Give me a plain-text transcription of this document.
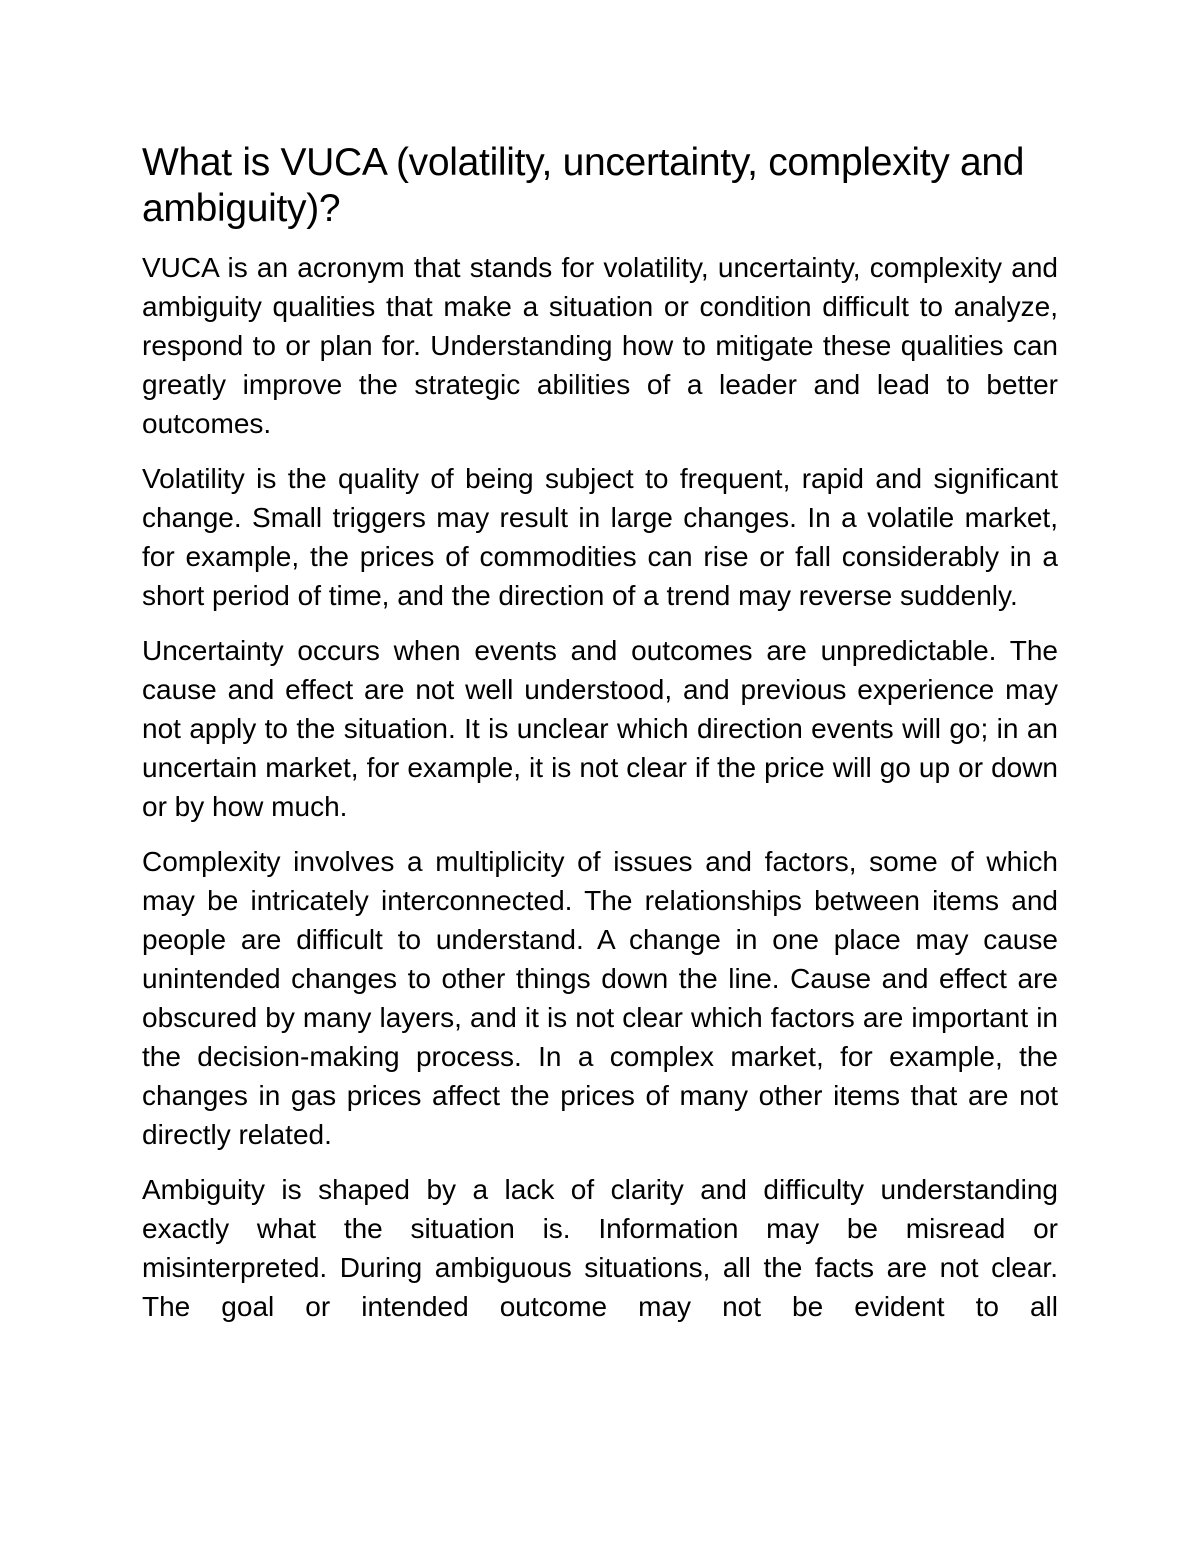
What is VUCA (volatility, uncertainty, complexity and ambiguity)?

VUCA is an acronym that stands for volatility, uncertainty, complexity and ambiguity qualities that make a situation or condition difficult to analyze, respond to or plan for. Understanding how to mitigate these qualities can greatly improve the strategic abilities of a leader and lead to better outcomes.

Volatility is the quality of being subject to frequent, rapid and significant change. Small triggers may result in large changes. In a volatile market, for example, the prices of commodities can rise or fall considerably in a short period of time, and the direction of a trend may reverse suddenly.

Uncertainty occurs when events and outcomes are unpredictable. The cause and effect are not well understood, and previous experience may not apply to the situation. It is unclear which direction events will go; in an uncertain market, for example, it is not clear if the price will go up or down or by how much.

Complexity involves a multiplicity of issues and factors, some of which may be intricately interconnected. The relationships between items and people are difficult to understand. A change in one place may cause unintended changes to other things down the line. Cause and effect are obscured by many layers, and it is not clear which factors are important in the decision-making process. In a complex market, for example, the changes in gas prices affect the prices of many other items that are not directly related.

Ambiguity is shaped by a lack of clarity and difficulty understanding exactly what the situation is. Information may be misread or misinterpreted. During ambiguous situations, all the facts are not clear. The goal or intended outcome may not be evident to all
